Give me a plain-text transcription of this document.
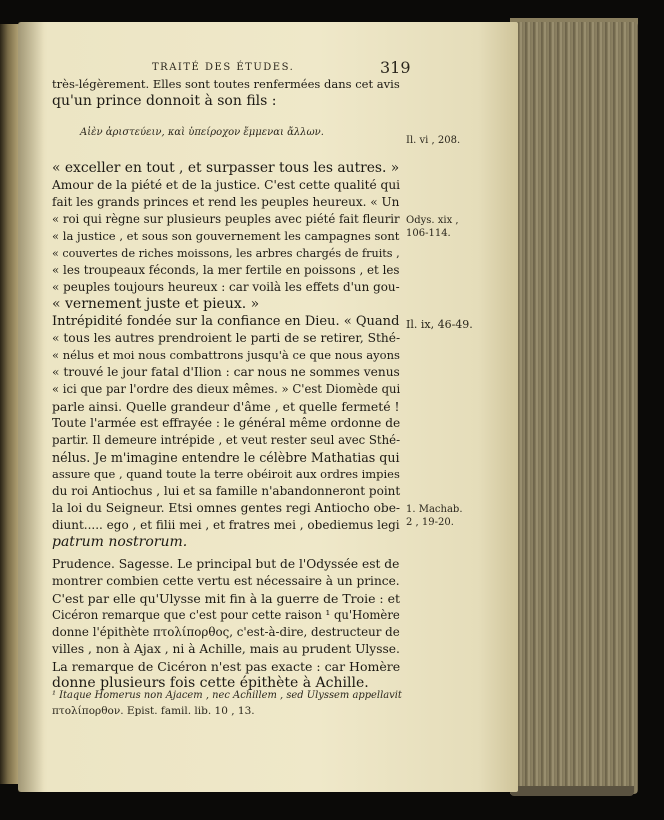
TRAITÉ DES ÉTUDES.	319
très-légèrement. Elles sont toutes renfermées dans cet avis
qu'un prince donnoit à son fils :
Αἰὲν ἀριστεύειν, καὶ ὑπείροχον ἔμμεναι ἄλλων.
Il. vi , 208.
« exceller en tout , et surpasser tous les autres. »
Amour de la piété et de la justice. C'est cette qualité qui
fait les grands princes et rend les peuples heureux. « Un
« roi qui règne sur plusieurs peuples avec piété fait fleurir
« la justice , et sous son gouvernement les campagnes sont
« couvertes de riches moissons, les arbres chargés de fruits ,
« les troupeaux féconds, la mer fertile en poissons , et les
« peuples toujours heureux : car voilà les effets d'un gou-
« vernement juste et pieux. »
Intrépidité fondée sur la confiance en Dieu. « Quand
« tous les autres prendroient le parti de se retirer, Sthé-
« nélus et moi nous combattrons jusqu'à ce que nous ayons
« trouvé le jour fatal d'Ilion : car nous ne sommes venus
« ici que par l'ordre des dieux mêmes. » C'est Diomède qui
parle ainsi. Quelle grandeur d'âme , et quelle fermeté !
Toute l'armée est effrayée : le général même ordonne de
partir. Il demeure intrépide , et veut rester seul avec Sthé-
nélus. Je m'imagine entendre le célèbre Mathatias qui
assure que , quand toute la terre obéiroit aux ordres impies
du roi Antiochus , lui et sa famille n'abandonneront point
la loi du Seigneur. Etsi omnes gentes regi Antiocho obe-
diunt..... ego , et filii mei , et fratres mei , obediemus legi
patrum nostrorum.
Prudence. Sagesse. Le principal but de l'Odyssée est de
montrer combien cette vertu est nécessaire à un prince.
C'est par elle qu'Ulysse mit fin à la guerre de Troie : et
Cicéron remarque que c'est pour cette raison ¹ qu'Homère
donne l'épithète πτολίπορθος, c'est-à-dire, destructeur de
villes , non à Ajax , ni à Achille, mais au prudent Ulysse.
La remarque de Cicéron n'est pas exacte : car Homère
donne plusieurs fois cette épithète à Achille.
Odys. xix ,
106-114.
Il. ix, 46-49.
1. Machab.
2 , 19-20.
¹ Itaque Homerus non Ajacem , nec Achillem , sed Ulyssem appellavit
πτολίπορθον. Epist. famil. lib. 10 , 13.
